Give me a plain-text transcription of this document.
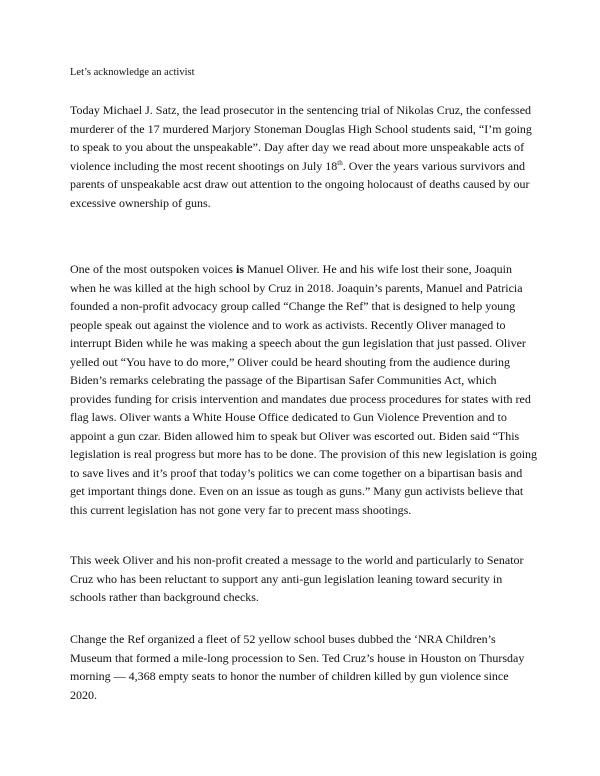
Let’s acknowledge an activist
Today Michael J. Satz, the lead prosecutor in the sentencing trial of Nikolas Cruz, the confessed
murderer of the 17 murdered Marjory Stoneman Douglas High School students said, “I’m going
to speak to you about the unspeakable”. Day after day we read about more unspeakable acts of
violence including the most recent shootings on July 18th. Over the years various survivors and
parents of unspeakable acst draw out attention to the ongoing holocaust of deaths caused by our
excessive ownership of guns.
One of the most outspoken voices is Manuel Oliver. He and his wife lost their sone, Joaquin
when he was killed at the high school by Cruz in 2018. Joaquin’s parents, Manuel and Patricia
founded a non-profit advocacy group called “Change the Ref” that is designed to help young
people speak out against the violence and to work as activists. Recently Oliver managed to
interrupt Biden while he was making a speech about the gun legislation that just passed. Oliver
yelled out “You have to do more,” Oliver could be heard shouting from the audience during
Biden’s remarks celebrating the passage of the Bipartisan Safer Communities Act, which
provides funding for crisis intervention and mandates due process procedures for states with red
flag laws. Oliver wants a White House Office dedicated to Gun Violence Prevention and to
appoint a gun czar. Biden allowed him to speak but Oliver was escorted out. Biden said “This
legislation is real progress but more has to be done. The provision of this new legislation is going
to save lives and it’s proof that today’s politics we can come together on a bipartisan basis and
get important things done. Even on an issue as tough as guns.” Many gun activists believe that
this current legislation has not gone very far to precent mass shootings.
This week Oliver and his non-profit created a message to the world and particularly to Senator
Cruz who has been reluctant to support any anti-gun legislation leaning toward security in
schools rather than background checks.
Change the Ref organized a fleet of 52 yellow school buses dubbed the ‘NRA Children’s
Museum that formed a mile-long procession to Sen. Ted Cruz’s house in Houston on Thursday
morning — 4,368 empty seats to honor the number of children killed by gun violence since
2020.
